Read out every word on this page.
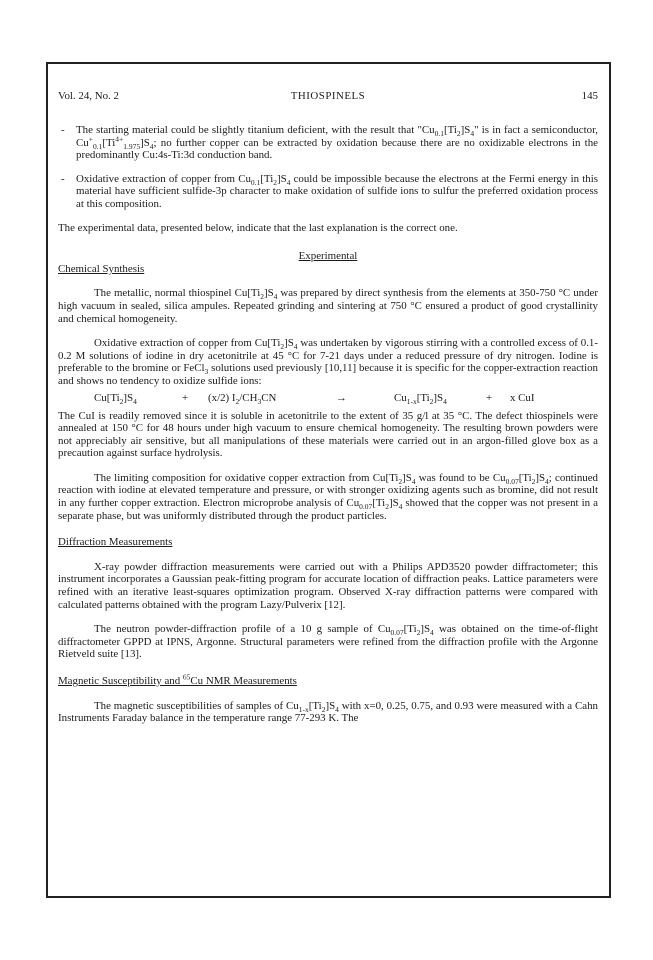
Vol. 24, No. 2	THIOSPINELS	145
- The starting material could be slightly titanium deficient, with the result that "$Cu_{0.1}[Ti_2]S_4$" is in fact a semiconductor, $Cu^+_{0.1}[Ti^{4+}_{1.975}]S_4$; no further copper can be extracted by oxidation because there are no oxidizable electrons in the predominantly Cu:4s-Ti:3d conduction band.
- Oxidative extraction of copper from $Cu_{0.1}[Ti_2]S_4$ could be impossible because the electrons at the Fermi energy in this material have sufficient sulfide-3p character to make oxidation of sulfide ions to sulfur the preferred oxidation process at this composition.

The experimental data, presented below, indicate that the last explanation is the correct one.

Experimental
Chemical Synthesis

The metallic, normal thiospinel $Cu[Ti_2]S_4$ was prepared by direct synthesis from the elements at 350-750 °C under high vacuum in sealed, silica ampules. Repeated grinding and sintering at 750 °C ensured a product of good crystallinity and chemical homogeneity.

Oxidative extraction of copper from $Cu[Ti_2]S_4$ was undertaken by vigorous stirring with a controlled excess of 0.1-0.2 M solutions of iodine in dry acetonitrile at 45 °C for 7-21 days under a reduced pressure of dry nitrogen. Iodine is preferable to the bromine or FeCl$_3$ solutions used previously [10,11] because it is specific for the copper-extraction reaction and shows no tendency to oxidize sulfide ions:

$Cu[Ti_2]S_4$	+ (x/2) $I_2/CH_3CN$	→	$Cu_{1-x}[Ti_2]S_4$	+ x CuI

The CuI is readily removed since it is soluble in acetonitrile to the extent of 35 g/l at 35 °C. The defect thiospinels were annealed at 150 °C for 48 hours under high vacuum to ensure chemical homogeneity. The resulting brown powders were not appreciably air sensitive, but all manipulations of these materials were carried out in an argon-filled glove box as a precaution against surface hydrolysis.

The limiting composition for oxidative copper extraction from $Cu[Ti_2]S_4$ was found to be $Cu_{0.07}[Ti_2]S_4$; continued reaction with iodine at elevated temperature and pressure, or with stronger oxidizing agents such as bromine, did not result in any further copper extraction. Electron microprobe analysis of $Cu_{0.07}[Ti_2]S_4$ showed that the copper was not present in a separate phase, but was uniformly distributed through the product particles.

Diffraction Measurements

X-ray powder diffraction measurements were carried out with a Philips APD3520 powder diffractometer; this instrument incorporates a Gaussian peak-fitting program for accurate location of diffraction peaks. Lattice parameters were refined with an iterative least-squares optimization program. Observed X-ray diffraction patterns were compared with calculated patterns obtained with the program Lazy/Pulverix [12].

The neutron powder-diffraction profile of a 10 g sample of $Cu_{0.07}[Ti_2]S_4$ was obtained on the time-of-flight diffractometer GPPD at IPNS, Argonne. Structural parameters were refined from the diffraction profile with the Argonne Rietveld suite [13].

Magnetic Susceptibility and $^{65}$Cu NMR Measurements

The magnetic susceptibilities of samples of $Cu_{1-x}[Ti_2]S_4$ with x=0, 0.25, 0.75, and 0.93 were measured with a Cahn Instruments Faraday balance in the temperature range 77-293 K. The
